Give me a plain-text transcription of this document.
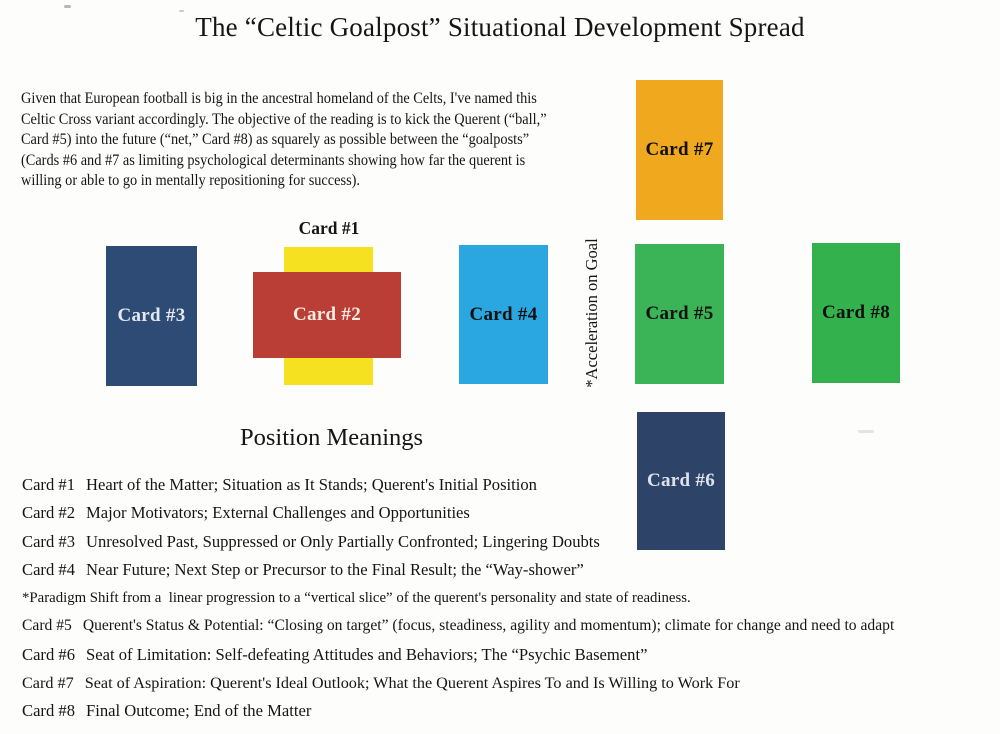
The “Celtic Goalpost” Situational Development Spread
Given that European football is big in the ancestral homeland of the Celts, I've named this
Celtic Cross variant accordingly. The objective of the reading is to kick the Querent (“ball,”
Card #5) into the future (“net,” Card #8) as squarely as possible between the “goalposts”
(Cards #6 and #7 as limiting psychological determinants showing how far the querent is
willing or able to go in mentally repositioning for success).
Card #1
Card #7
Card #3	Card #2	Card #4	*Acceleration on Goal	Card #5	Card #8
Card #6
Position Meanings
Card #1 Heart of the Matter; Situation as It Stands; Querent's Initial Position
Card #2 Major Motivators; External Challenges and Opportunities
Card #3 Unresolved Past, Suppressed or Only Partially Confronted; Lingering Doubts
Card #4 Near Future; Next Step or Precursor to the Final Result; the “Way-shower”
*Paradigm Shift from a  linear progression to a “vertical slice” of the querent's personality and state of readiness.
Card #5 Querent's Status & Potential: “Closing on target” (focus, steadiness, agility and momentum); climate for change and need to adapt
Card #6 Seat of Limitation: Self-defeating Attitudes and Behaviors; The “Psychic Basement”
Card #7 Seat of Aspiration: Querent's Ideal Outlook; What the Querent Aspires To and Is Willing to Work For
Card #8 Final Outcome; End of the Matter
